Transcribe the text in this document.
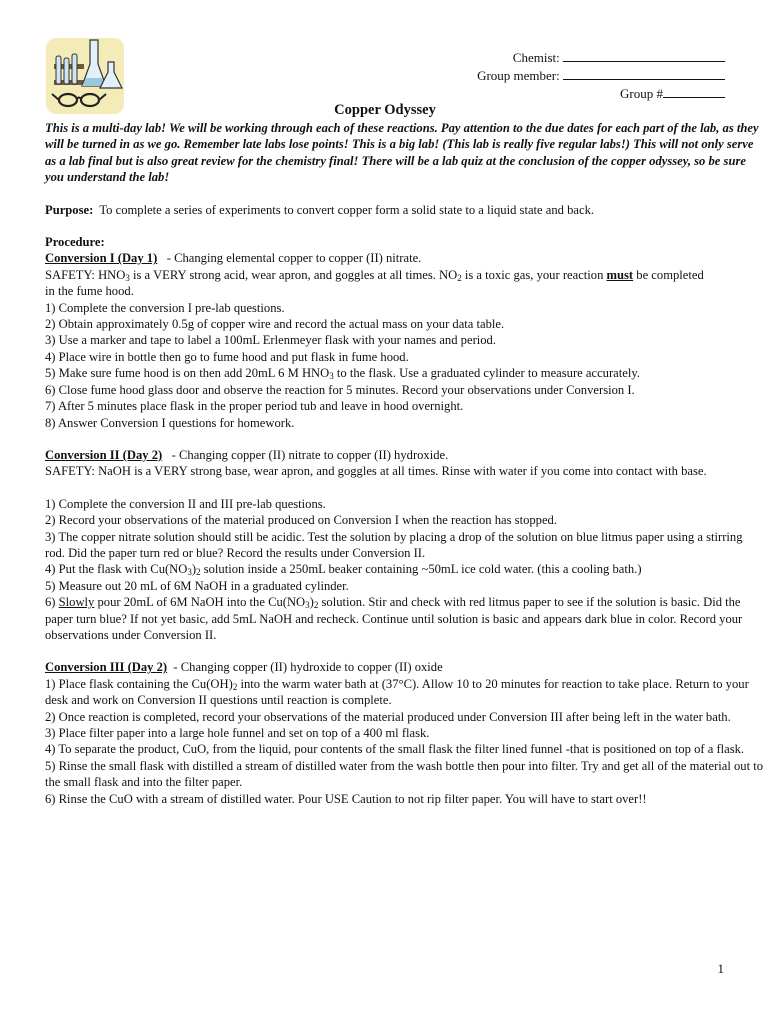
Chemist:
Group member:
Group #
Copper Odyssey

This is a multi-day lab! We will be working through each of these reactions. Pay attention to the due dates for each part of the lab, as they will be turned in as we go. Remember late labs lose points! This is a big lab! (This lab is really five regular labs!) This will not only serve as a lab final but is also great review for the chemistry final! There will be a lab quiz at the conclusion of the copper odyssey, so be sure you understand the lab!

Purpose: To complete a series of experiments to convert copper form a solid state to a liquid state and back.

Procedure:

Conversion I (Day 1) - Changing elemental copper to copper (II) nitrate.

SAFETY: $HNO_3$ is a VERY strong acid, wear apron, and goggles at all times. $NO_2$ is a toxic gas, your reaction must be completed
in the fume hood.

1) Complete the conversion I pre-lab questions.

2) Obtain approximately 0.5g of copper wire and record the actual mass on your data table.

3) Use a marker and tape to label a 100mL Erlenmeyer flask with your names and period.

4) Place wire in bottle then go to fume hood and put flask in fume hood.

5) Make sure fume hood is on then add 20mL 6 M $HNO_3$ to the flask. Use a graduated cylinder to measure accurately.

6) Close fume hood glass door and observe the reaction for 5 minutes. Record your observations under Conversion I.

7) After 5 minutes place flask in the proper period tub and leave in hood overnight.

8) Answer Conversion I questions for homework.

Conversion II (Day 2) - Changing copper (II) nitrate to copper (II) hydroxide.

SAFETY: NaOH is a VERY strong base, wear apron, and goggles at all times. Rinse with water if you come into contact with base.

1) Complete the conversion II and III pre-lab questions.

2) Record your observations of the material produced on Conversion I when the reaction has stopped.

3) The copper nitrate solution should still be acidic. Test the solution by placing a drop of the solution on blue litmus paper using a stirring rod. Did the paper turn red or blue? Record the results under Conversion II.

4) Put the flask with $Cu(NO_3)_2$ solution inside a 250mL beaker containing ~50mL ice cold water. (this a cooling bath.)

5) Measure out 20 mL of 6M NaOH in a graduated cylinder.

6) Slowly pour 20mL of 6M NaOH into the $Cu(NO_3)_2$ solution. Stir and check with red litmus paper to see if the solution is basic. Did the paper turn blue? If not yet basic, add 5mL NaOH and recheck. Continue until solution is basic and appears dark blue in color. Record your observations under Conversion II.

Conversion III (Day 2) - Changing copper (II) hydroxide to copper (II) oxide

1) Place flask containing the $Cu(OH)_2$ into the warm water bath at (37°C). Allow 10 to 20 minutes for reaction to take place. Return to your desk and work on Conversion II questions until reaction is complete.

2) Once reaction is completed, record your observations of the material produced under Conversion III after being left in the water bath.

3) Place filter paper into a large hole funnel and set on top of a 400 ml flask.

4) To separate the product, CuO, from the liquid, pour contents of the small flask the filter lined funnel -that is positioned on top of a flask.

5) Rinse the small flask with distilled a stream of distilled water from the wash bottle then pour into filter. Try and get all of the material out to the small flask and into the filter paper.

6) Rinse the CuO with a stream of distilled water. Pour USE Caution to not rip filter paper. You will have to start over!!

1
